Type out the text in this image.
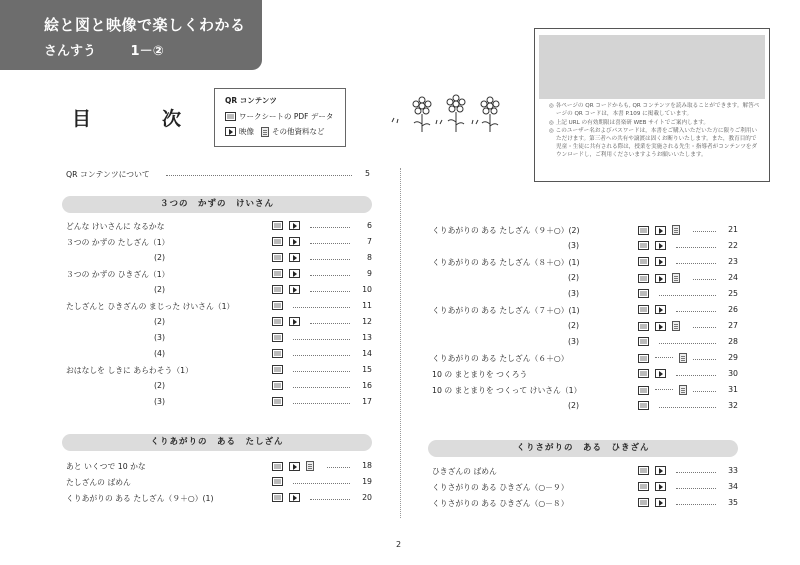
絵と図と映像で楽しくわかる
さんすう	1－②
目　次
QR コンテンツ
ワークシートの PDF データ
映像 その他資料など

◎ 各ページの QR コードからも, QR コンテンツを読み取ることができます。解答ページの QR コードは，本書 P.109 に掲載しています。

◎ 上記 URL の有効期限は喜楽研 WEB サイトでご案内します。

◎ このユーザー名およびパスワードは，本書をご購入いただいた方に限りご利用いただけます。第三者への共有や譲渡は固くお断りいたします。また，教育目的で児童・生徒に共有される際は，授業を実施される先生・指導者がコンテンツをダウンロードし，ご利用くださいますようお願いいたします。

QR コンテンツについて	5
３つの　かずの　けいさん
どんな けいさんに なるかな	6
３つの かずの たしざん（1）	7
(2)	8
３つの かずの ひきざん（1）	9
(2)	10
たしざんと ひきざんの まじった けいさん（1）	11
(2)	12
(3)	13
(4)	14
おはなしを しきに あらわそう（1）	15
(2)	16
(3)	17
くりあがりの　ある　たしざん
あと いくつで 10 かな	18
たしざんの ばめん	19
くりあがりの ある たしざん（９＋○）(1)	20
くりあがりの ある たしざん（９＋○）(2)	21
(3)	22
くりあがりの ある たしざん（８＋○）(1)	23
(2)	24
(3)	25
くりあがりの ある たしざん（７＋○）(1)	26
(2)	27
(3)	28
くりあがりの ある たしざん（６＋○）	29
10 の まとまりを つくろう	30
10 の まとまりを つくって けいさん（1）	31
(2)	32
くりさがりの　ある　ひきざん
ひきざんの ばめん	33
くりさがりの ある ひきざん（○－９）	34
くりさがりの ある ひきざん（○－８）	35
2
